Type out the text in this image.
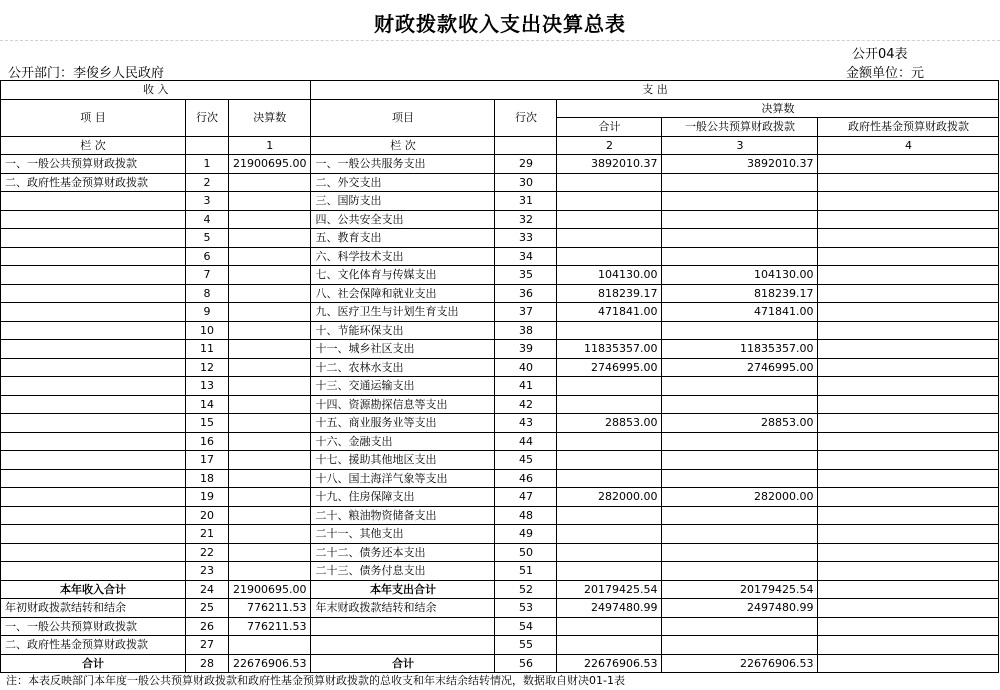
财政拨款收入支出决算总表
公开04表
公开部门：李俊乡人民政府	金额单位：元
收 入			支 出				
项 目	行次	决算数	项目	行次	决算数		
					合计	一般公共预算财政拨款	政府性基金预算财政拨款
栏 次		1	栏 次		2	3	4
一、一般公共预算财政拨款	1	21900695.00	一、一般公共服务支出	29	3892010.37	3892010.37	
二、政府性基金预算财政拨款	2		二、外交支出	30			
	3		三、国防支出	31			
	4		四、公共安全支出	32			
	5		五、教育支出	33			
	6		六、科学技术支出	34			
	7		七、文化体育与传媒支出	35	104130.00	104130.00	
	8		八、社会保障和就业支出	36	818239.17	818239.17	
	9		九、医疗卫生与计划生育支出	37	471841.00	471841.00	
	10		十、节能环保支出	38			
	11		十一、城乡社区支出	39	11835357.00	11835357.00	
	12		十二、农林水支出	40	2746995.00	2746995.00	
	13		十三、交通运输支出	41			
	14		十四、资源勘探信息等支出	42			
	15		十五、商业服务业等支出	43	28853.00	28853.00	
	16		十六、金融支出	44			
	17		十七、援助其他地区支出	45			
	18		十八、国土海洋气象等支出	46			
	19		十九、住房保障支出	47	282000.00	282000.00	
	20		二十、粮油物资储备支出	48			
	21		二十一、其他支出	49			
	22		二十二、债务还本支出	50			
	23		二十三、债务付息支出	51			
本年收入合计	24	21900695.00	本年支出合计	52	20179425.54	20179425.54	
年初财政拨款结转和结余	25	776211.53	年末财政拨款结转和结余	53	2497480.99	2497480.99	
一、一般公共预算财政拨款	26	776211.53		54			
二、政府性基金预算财政拨款	27			55			
合计	28	22676906.53	合计	56	22676906.53	22676906.53	
注：本表反映部门本年度一般公共预算财政拨款和政府性基金预算财政拨款的总收支和年末结余结转情况，数据取自财决01-1表
